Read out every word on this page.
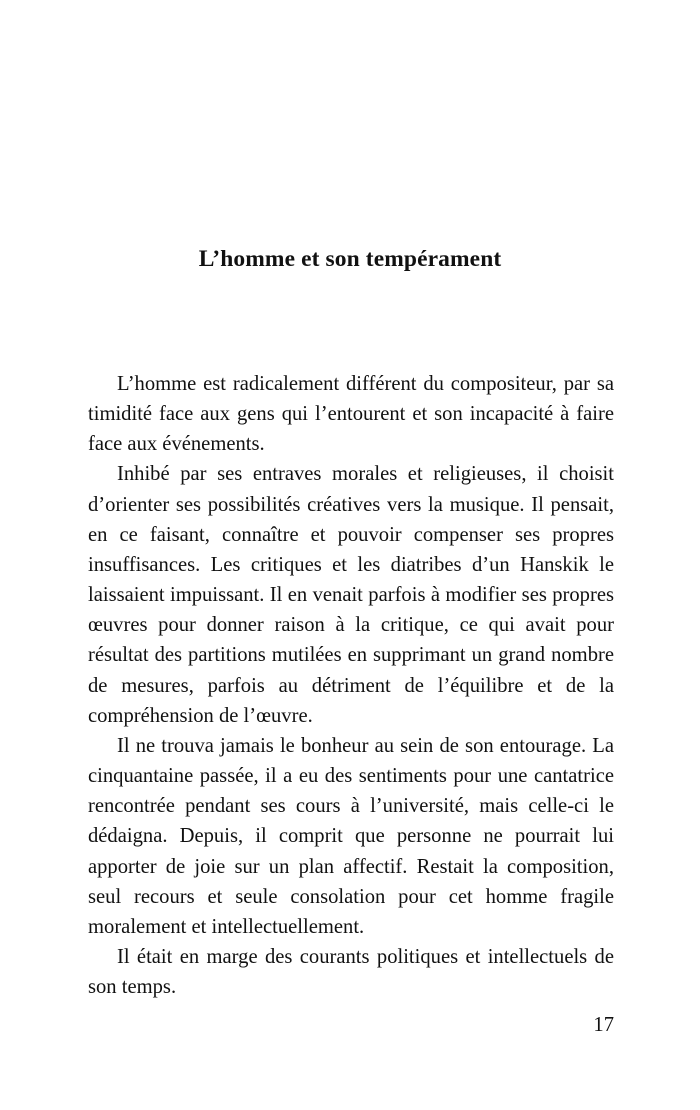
L’homme et son tempérament

L’homme est radicalement différent du compositeur, par sa timidité face aux gens qui l’entourent et son incapacité à faire face aux événements.

Inhibé par ses entraves morales et religieuses, il choisit d’orienter ses possibilités créatives vers la musique. Il pensait, en ce faisant, connaître et pouvoir compenser ses propres insuffisances. Les critiques et les diatribes d’un Hanskik le laissaient impuissant. Il en venait parfois à modifier ses propres œuvres pour donner raison à la critique, ce qui avait pour résultat des partitions mutilées en supprimant un grand nombre de mesures, parfois au détriment de l’équilibre et de la compréhension de l’œuvre.

Il ne trouva jamais le bonheur au sein de son entourage. La cinquantaine passée, il a eu des sentiments pour une cantatrice rencontrée pendant ses cours à l’université, mais celle-ci le dédaigna. Depuis, il comprit que personne ne pourrait lui apporter de joie sur un plan affectif. Restait la composition, seul recours et seule consolation pour cet homme fragile moralement et intellectuellement.

Il était en marge des courants politiques et intellectuels de son temps.

17
